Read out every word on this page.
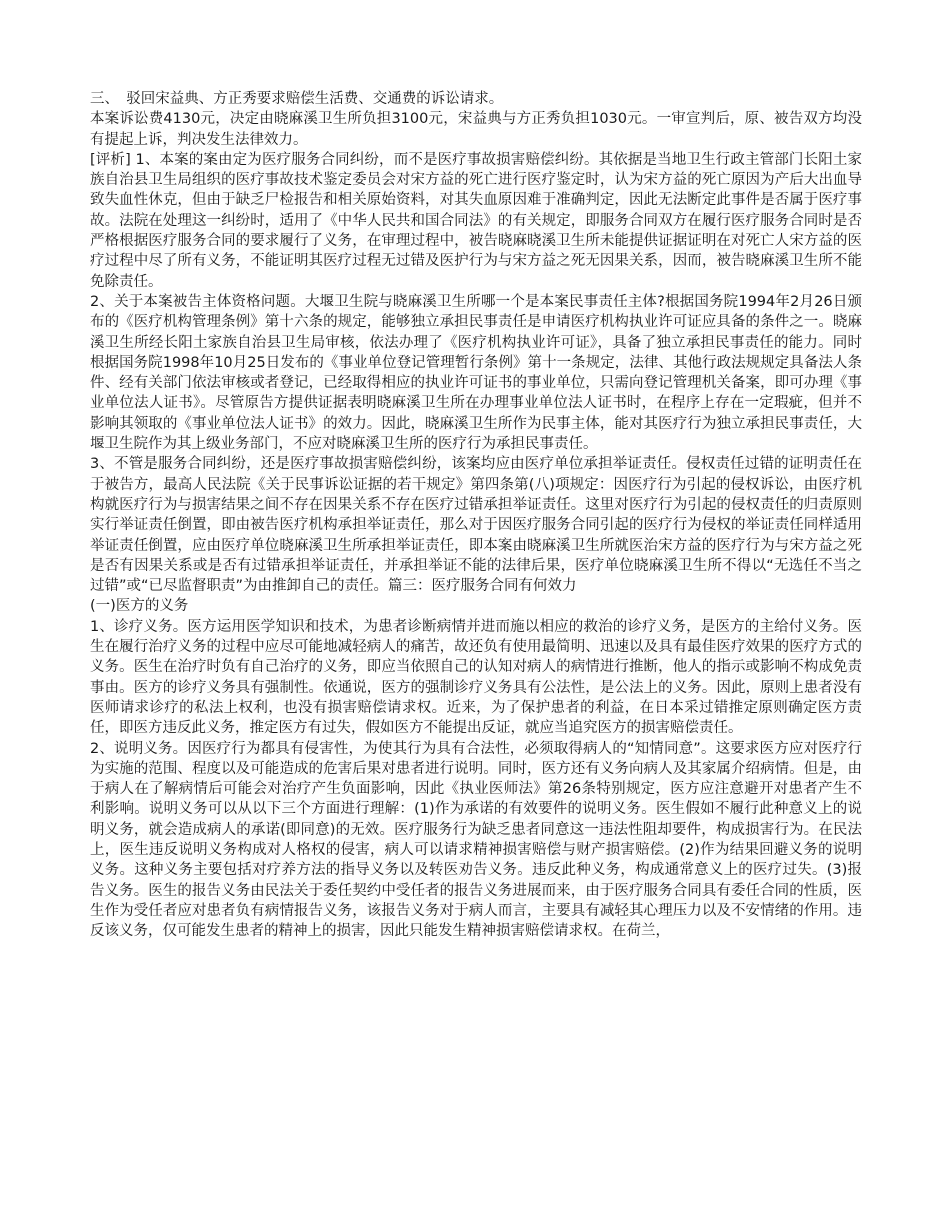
三、　驳回宋益典、方正秀要求赔偿生活费、交通费的诉讼请求。

本案诉讼费4130元，决定由晓麻溪卫生所负担3100元，宋益典与方正秀负担1030元。一审宣判后，原、被告双方均没有提起上诉，判决发生法律效力。

[评析] 1、本案的案由定为医疗服务合同纠纷，而不是医疗事故损害赔偿纠纷。其依据是当地卫生行政主管部门长阳土家族自治县卫生局组织的医疗事故技术鉴定委员会对宋方益的死亡进行医疗鉴定时，认为宋方益的死亡原因为产后大出血导致失血性休克，但由于缺乏尸检报告和相关原始资料，对其失血原因难于准确判定，因此无法断定此事件是否属于医疗事故。法院在处理这一纠纷时，适用了《中华人民共和国合同法》的有关规定，即服务合同双方在履行医疗服务合同时是否严格根据医疗服务合同的要求履行了义务，在审理过程中，被告晓麻晓溪卫生所未能提供证据证明在对死亡人宋方益的医疗过程中尽了所有义务，不能证明其医疗过程无过错及医护行为与宋方益之死无因果关系，因而，被告晓麻溪卫生所不能免除责任。

2、关于本案被告主体资格问题。大堰卫生院与晓麻溪卫生所哪一个是本案民事责任主体?根据国务院1994年2月26日颁布的《医疗机构管理条例》第十六条的规定，能够独立承担民事责任是申请医疗机构执业许可证应具备的条件之一。晓麻溪卫生所经长阳土家族自治县卫生局审核，依法办理了《医疗机构执业许可证》，具备了独立承担民事责任的能力。同时根据国务院1998年10月25日发布的《事业单位登记管理暂行条例》第十一条规定，法律、其他行政法规规定具备法人条件、经有关部门依法审核或者登记，已经取得相应的执业许可证书的事业单位，只需向登记管理机关备案，即可办理《事业单位法人证书》。尽管原告方提供证据表明晓麻溪卫生所在办理事业单位法人证书时，在程序上存在一定瑕疵，但并不影响其领取的《事业单位法人证书》的效力。因此，晓麻溪卫生所作为民事主体，能对其医疗行为独立承担民事责任，大堰卫生院作为其上级业务部门，不应对晓麻溪卫生所的医疗行为承担民事责任。

3、不管是服务合同纠纷，还是医疗事故损害赔偿纠纷，该案均应由医疗单位承担举证责任。侵权责任过错的证明责任在于被告方，最高人民法院《关于民事诉讼证据的若干规定》第四条第(八)项规定：因医疗行为引起的侵权诉讼，由医疗机构就医疗行为与损害结果之间不存在因果关系不存在医疗过错承担举证责任。这里对医疗行为引起的侵权责任的归责原则实行举证责任倒置，即由被告医疗机构承担举证责任，那么对于因医疗服务合同引起的医疗行为侵权的举证责任同样适用举证责任倒置，应由医疗单位晓麻溪卫生所承担举证责任，即本案由晓麻溪卫生所就医治宋方益的医疗行为与宋方益之死是否有因果关系或是否有过错承担举证责任，并承担举证不能的法律后果，医疗单位晓麻溪卫生所不得以“无选任不当之过错”或“已尽监督职责”为由推卸自己的责任。篇三：医疗服务合同有何效力

(一)医方的义务

1、诊疗义务。医方运用医学知识和技术，为患者诊断病情并进而施以相应的救治的诊疗义务，是医方的主给付义务。医生在履行治疗义务的过程中应尽可能地减轻病人的痛苦，故还负有使用最简明、迅速以及具有最佳医疗效果的医疗方式的义务。医生在治疗时负有自己治疗的义务，即应当依照自己的认知对病人的病情进行推断，他人的指示或影响不构成免责事由。医方的诊疗义务具有强制性。依通说，医方的强制诊疗义务具有公法性，是公法上的义务。因此，原则上患者没有医师请求诊疗的私法上权利，也没有损害赔偿请求权。近来，为了保护患者的利益，在日本采过错推定原则确定医方责任，即医方违反此义务，推定医方有过失，假如医方不能提出反证，就应当追究医方的损害赔偿责任。

2、说明义务。因医疗行为都具有侵害性，为使其行为具有合法性，必须取得病人的“知情同意”。这要求医方应对医疗行为实施的范围、程度以及可能造成的危害后果对患者进行说明。同时，医方还有义务向病人及其家属介绍病情。但是，由于病人在了解病情后可能会对治疗产生负面影响，因此《执业医师法》第26条特别规定，医方应注意避开对患者产生不利影响。说明义务可以从以下三个方面进行理解：(1)作为承诺的有效要件的说明义务。医生假如不履行此种意义上的说明义务，就会造成病人的承诺(即同意)的无效。医疗服务行为缺乏患者同意这一违法性阻却要件，构成损害行为。在民法上，医生违反说明义务构成对人格权的侵害，病人可以请求精神损害赔偿与财产损害赔偿。(2)作为结果回避义务的说明义务。这种义务主要包括对疗养方法的指导义务以及转医劝告义务。违反此种义务，构成通常意义上的医疗过失。(3)报告义务。医生的报告义务由民法关于委任契约中受任者的报告义务进展而来，由于医疗服务合同具有委任合同的性质，医生作为受任者应对患者负有病情报告义务，该报告义务对于病人而言，主要具有减轻其心理压力以及不安情绪的作用。违反该义务，仅可能发生患者的精神上的损害，因此只能发生精神损害赔偿请求权。在荷兰，
